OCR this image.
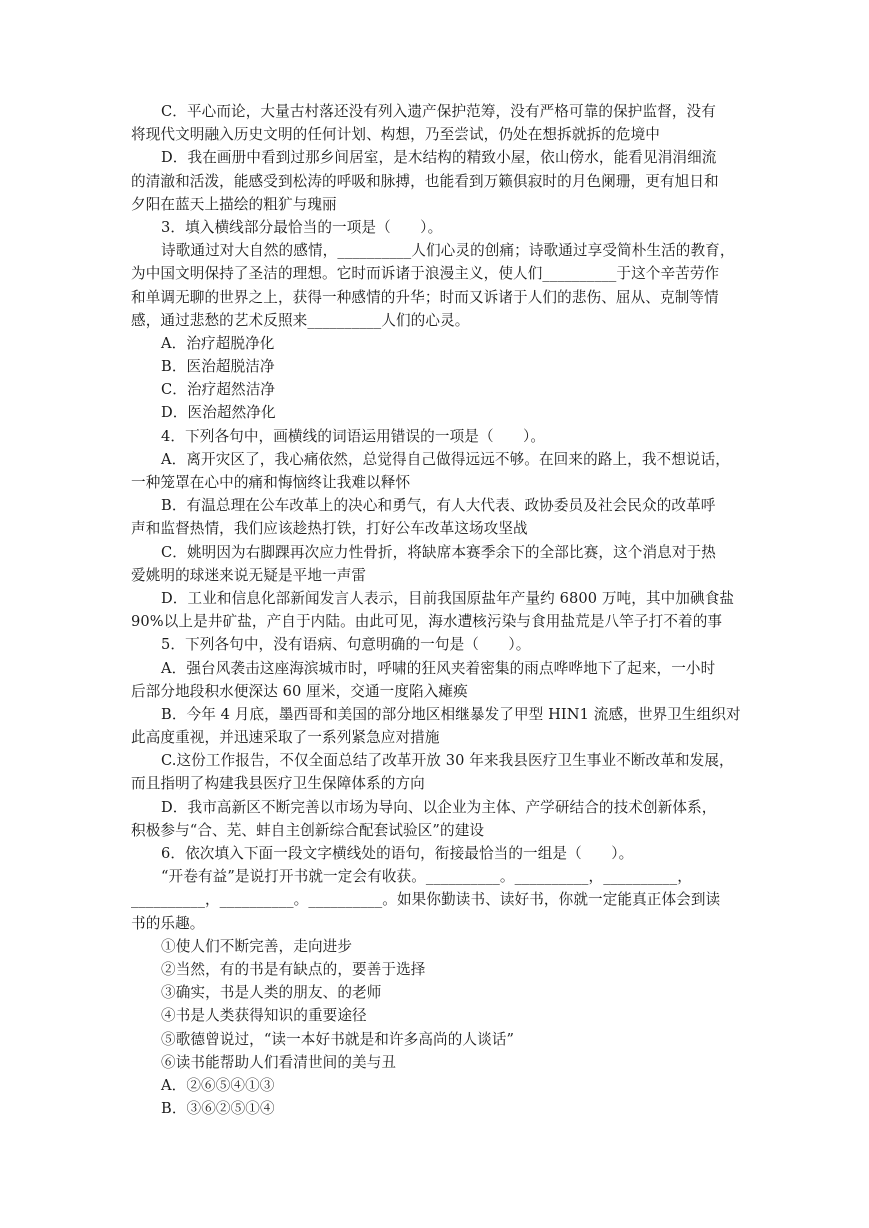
C．平心而论，大量古村落还没有列入遗产保护范筹，没有严格可靠的保护监督，没有
将现代文明融入历史文明的任何计划、构想，乃至尝试，仍处在想拆就拆的危境中
D．我在画册中看到过那乡间居室，是木结构的精致小屋，依山傍水，能看见涓涓细流
的清澈和活泼，能感受到松涛的呼吸和脉搏，也能看到万籁俱寂时的月色阑珊，更有旭日和
夕阳在蓝天上描绘的粗犷与瑰丽
3．填入横线部分最恰当的一项是（　　）。
诗歌通过对大自然的感情，__________人们心灵的创痛；诗歌通过享受简朴生活的教育，
为中国文明保持了圣洁的理想。它时而诉诸于浪漫主义，使人们__________于这个辛苦劳作
和单调无聊的世界之上，获得一种感情的升华；时而又诉诸于人们的悲伤、屈从、克制等情
感，通过悲愁的艺术反照来__________人们的心灵。
A．治疗超脱净化
B．医治超脱洁净
C．治疗超然洁净
D．医治超然净化
4．下列各句中，画横线的词语运用错误的一项是（　　）。
A．离开灾区了，我心痛依然，总觉得自己做得远远不够。在回来的路上，我不想说话，
一种笼罩在心中的痛和悔恼终让我难以释怀
B．有温总理在公车改革上的决心和勇气，有人大代表、政协委员及社会民众的改革呼
声和监督热情，我们应该趁热打铁，打好公车改革这场攻坚战
C．姚明因为右脚踝再次应力性骨折，将缺席本赛季余下的全部比赛，这个消息对于热
爱姚明的球迷来说无疑是平地一声雷
D．工业和信息化部新闻发言人表示，目前我国原盐年产量约 6800 万吨，其中加碘食盐
90%以上是井矿盐，产自于内陆。由此可见，海水遭核污染与食用盐荒是八竿子打不着的事
5．下列各句中，没有语病、句意明确的一句是（　　）。
A．强台风袭击这座海滨城市时，呼啸的狂风夹着密集的雨点哗哗地下了起来，一小时
后部分地段积水便深达 60 厘米，交通一度陷入瘫痪
B．今年 4 月底，墨西哥和美国的部分地区相继暴发了甲型 HIN1 流感，世界卫生组织对
此高度重视，并迅速采取了一系列紧急应对措施
C.这份工作报告，不仅全面总结了改革开放 30 年来我县医疗卫生事业不断改革和发展，
而且指明了构建我县医疗卫生保障体系的方向
D．我市高新区不断完善以市场为导向、以企业为主体、产学研结合的技术创新体系，
积极参与“合、芜、蚌自主创新综合配套试验区”的建设
6．依次填入下面一段文字横线处的语句，衔接最恰当的一组是（　　）。
“开卷有益”是说打开书就一定会有收获。__________。__________，__________，
__________，__________。__________。如果你勤读书、读好书，你就一定能真正体会到读
书的乐趣。
①使人们不断完善，走向进步
②当然，有的书是有缺点的，要善于选择
③确实，书是人类的朋友、的老师
④书是人类获得知识的重要途径
⑤歌德曾说过，“读一本好书就是和许多高尚的人谈话”
⑥读书能帮助人们看清世间的美与丑
A．②⑥⑤④①③
B．③⑥②⑤①④
